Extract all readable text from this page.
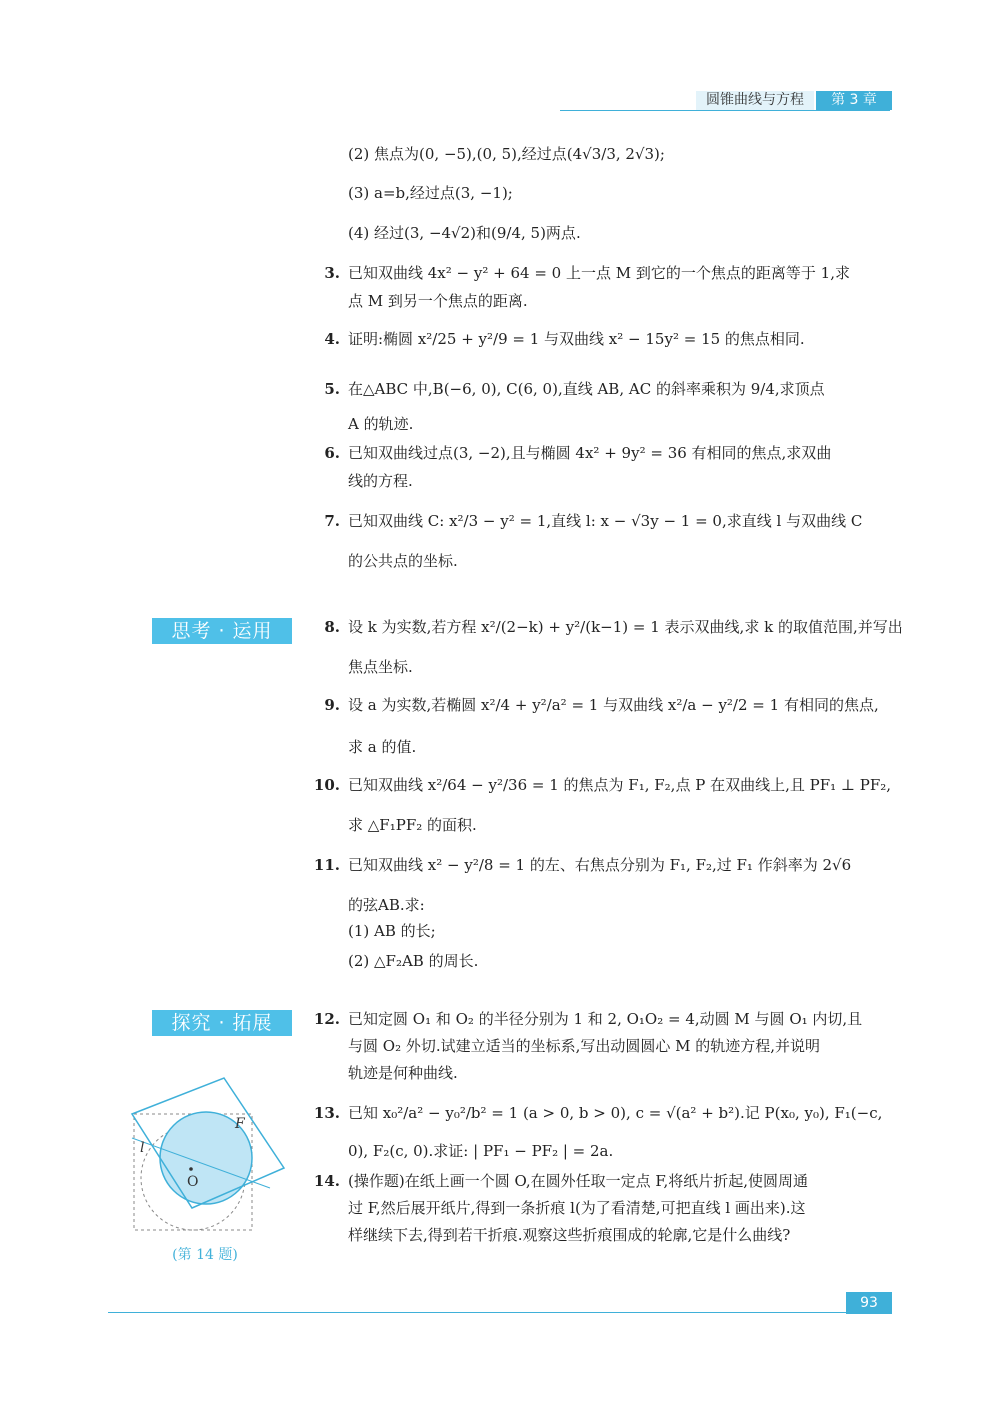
圆锥曲线与方程	第 3 章
(2) 焦点为(0, −5),(0, 5),经过点(4√3/3, 2√3);
(3) a=b,经过点(3, −1);
(4) 经过(3, −4√2)和(9/4, 5)两点.
3. 已知双曲线 4x² − y² + 64 = 0 上一点 M 到它的一个焦点的距离等于 1,求
点 M 到另一个焦点的距离.
4. 证明:椭圆 x²/25 + y²/9 = 1 与双曲线 x² − 15y² = 15 的焦点相同.
5. 在△ABC 中,B(−6, 0), C(6, 0),直线 AB, AC 的斜率乘积为 9/4,求顶点
A 的轨迹.
6. 已知双曲线过点(3, −2),且与椭圆 4x² + 9y² = 36 有相同的焦点,求双曲
线的方程.
7. 已知双曲线 C: x²/3 − y² = 1,直线 l: x − √3y − 1 = 0,求直线 l 与双曲线 C
的公共点的坐标.
思考 · 运用	8. 设 k 为实数,若方程 x²/(2−k) + y²/(k−1) = 1 表示双曲线,求 k 的取值范围,并写出
焦点坐标.
9. 设 a 为实数,若椭圆 x²/4 + y²/a² = 1 与双曲线 x²/a − y²/2 = 1 有相同的焦点,
求 a 的值.
10. 已知双曲线 x²/64 − y²/36 = 1 的焦点为 F₁, F₂,点 P 在双曲线上,且 PF₁ ⊥ PF₂,
求 △F₁PF₂ 的面积.
11. 已知双曲线 x² − y²/8 = 1 的左、右焦点分别为 F₁, F₂,过 F₁ 作斜率为 2√6
的弦AB.求:
(1) AB 的长;
(2) △F₂AB 的周长.
探究 · 拓展	12. 已知定圆 O₁ 和 O₂ 的半径分别为 1 和 2, O₁O₂ = 4,动圆 M 与圆 O₁ 内切,且
与圆 O₂ 外切.试建立适当的坐标系,写出动圆圆心 M 的轨迹方程,并说明
轨迹是何种曲线.
13. 已知 x₀²/a² − y₀²/b² = 1 (a > 0, b > 0), c = √(a² + b²).记 P(x₀, y₀), F₁(−c,
0), F₂(c, 0).求证: | PF₁ − PF₂ | = 2a.
14. (操作题)在纸上画一个圆 O,在圆外任取一定点 F,将纸片折起,使圆周通
过 F,然后展开纸片,得到一条折痕 l(为了看清楚,可把直线 l 画出来).这
样继续下去,得到若干折痕.观察这些折痕围成的轮廓,它是什么曲线?
F
l
O
(第 14 题)
93
